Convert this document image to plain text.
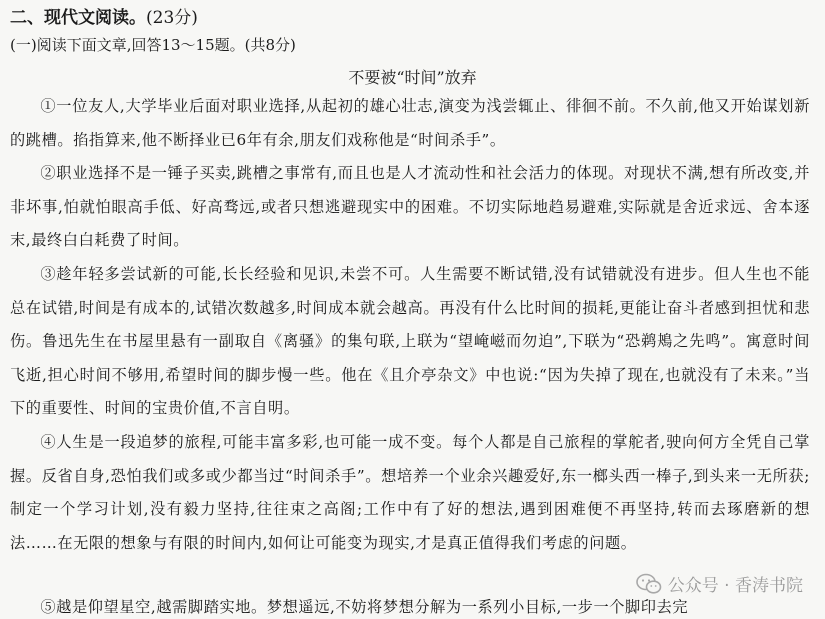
二、现代文阅读。(23分)
(一)阅读下面文章,回答13～15题。(共8分)
不要被“时间”放弃

①一位友人,大学毕业后面对职业选择,从起初的雄心壮志,演变为浅尝辄止、徘徊不前。不久前,他又开始谋划新的跳槽。掐指算来,他不断择业已6年有余,朋友们戏称他是“时间杀手”。

②职业选择不是一锤子买卖,跳槽之事常有,而且也是人才流动性和社会活力的体现。对现状不满,想有所改变,并非坏事,怕就怕眼高手低、好高骛远,或者只想逃避现实中的困难。不切实际地趋易避难,实际就是舍近求远、舍本逐末,最终白白耗费了时间。

③趁年轻多尝试新的可能,长长经验和见识,未尝不可。人生需要不断试错,没有试错就没有进步。但人生也不能总在试错,时间是有成本的,试错次数越多,时间成本就会越高。再没有什么比时间的损耗,更能让奋斗者感到担忧和悲伤。鲁迅先生在书屋里悬有一副取自《离骚》的集句联,上联为“望崦嵫而勿迫”,下联为“恐鹈鴂之先鸣”。寓意时间飞逝,担心时间不够用,希望时间的脚步慢一些。他在《且介亭杂文》中也说:“因为失掉了现在,也就没有了未来。”当下的重要性、时间的宝贵价值,不言自明。

④人生是一段追梦的旅程,可能丰富多彩,也可能一成不变。每个人都是自己旅程的掌舵者,驶向何方全凭自己掌握。反省自身,恐怕我们或多或少都当过“时间杀手”。想培养一个业余兴趣爱好,东一榔头西一棒子,到头来一无所获;制定一个学习计划,没有毅力坚持,往往束之高阁;工作中有了好的想法,遇到困难便不再坚持,转而去琢磨新的想法……在无限的想象与有限的时间内,如何让可能变为现实,才是真正值得我们考虑的问题。

⑤越是仰望星空,越需脚踏实地。梦想遥远,不妨将梦想分解为一系列小目标,一步一个脚印去完

公众号 · 香涛书院
